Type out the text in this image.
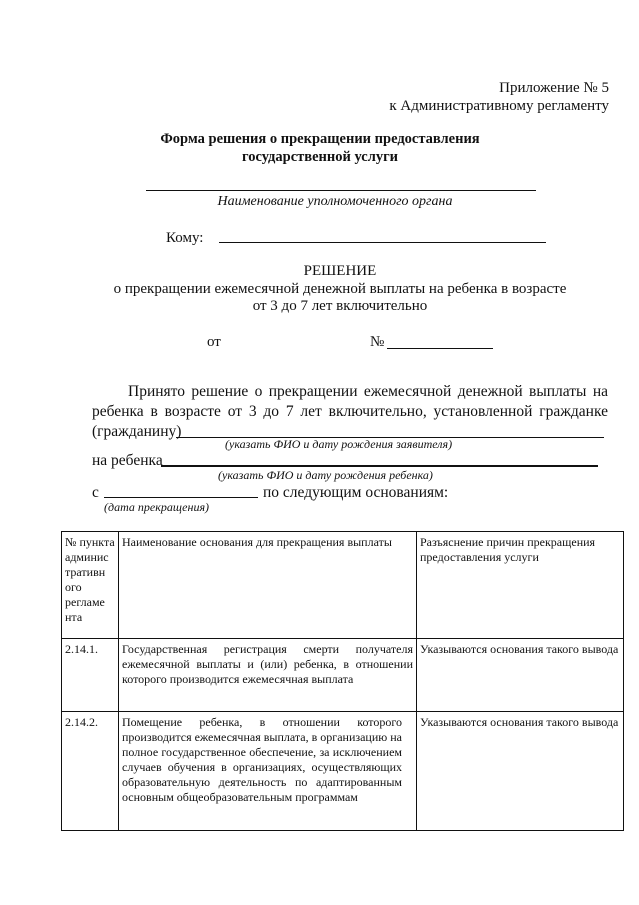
Приложение № 5
к Административному регламенту
Форма решения о прекращении предоставления
государственной услуги
Наименование уполномоченного органа
Кому:
РЕШЕНИЕ
о прекращении ежемесячной денежной выплаты на ребенка в возрасте
от 3 до 7 лет включительно
от	№
Принято решение о прекращении ежемесячной денежной выплаты на
ребенка в возрасте от 3 до 7 лет включительно, установленной гражданке
(гражданину)
(указать ФИО и дату рождения заявителя)
на ребенка
(указать ФИО и дату рождения ребенка)
с	по следующим основаниям:
(дата прекращения)
№ пункта админис тративн ого регламе нта	Наименование основания для прекращения выплаты	Разъяснение причин прекращения предоставления услуги
2.14.1.	Государственная регистрация смерти получателя ежемесячной выплаты и (или) ребенка, в отношении которого производится ежемесячная выплата	Указываются основания такого вывода
2.14.2.	Помещение ребенка, в отношении которого производится ежемесячная выплата, в организацию на полное государственное обеспечение, за исключением случаев обучения в организациях, осуществляющих образовательную деятельность по адаптированным основным общеобразовательным программам	Указываются основания такого вывода
